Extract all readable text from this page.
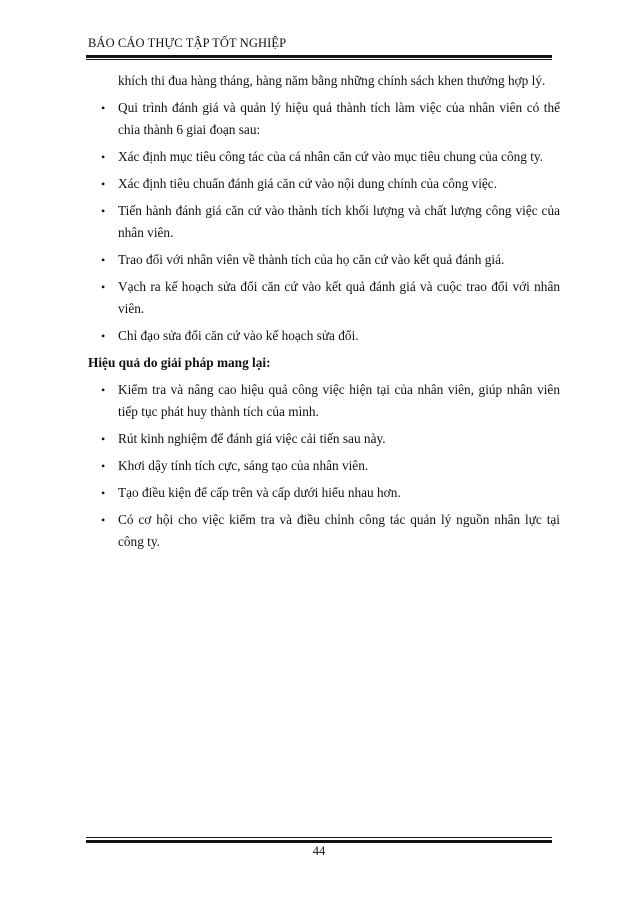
BÁO CÁO THỰC TẬP TỐT NGHIỆP
khích thi đua hàng tháng, hàng năm bằng những chính sách khen thưởng hợp lý.
• Qui trình đánh giá và quản lý hiệu quả thành tích làm việc của nhân viên có thể chia thành 6 giai đoạn sau:
• Xác định mục tiêu công tác của cá nhân căn cứ vào mục tiêu chung của công ty.
• Xác định tiêu chuẩn đánh giá căn cứ vào nội dung chính của công việc.
• Tiến hành đánh giá căn cứ vào thành tích khối lượng và chất lượng công việc của nhân viên.
• Trao đổi với nhân viên về thành tích của họ căn cứ vào kết quả đánh giá.
• Vạch ra kế hoạch sửa đổi căn cứ vào kết quả đánh giá và cuộc trao đổi với nhân viên.
• Chỉ đạo sửa đổi căn cứ vào kế hoạch sửa đổi.
Hiệu quả do giải pháp mang lại:
• Kiểm tra và nâng cao hiệu quả công việc hiện tại của nhân viên, giúp nhân viên tiếp tục phát huy thành tích của mình.
• Rút kinh nghiệm để đánh giá việc cải tiến sau này.
• Khơi dậy tính tích cực, sáng tạo của nhân viên.
• Tạo điều kiện để cấp trên và cấp dưới hiểu nhau hơn.
• Có cơ hội cho việc kiểm tra và điều chỉnh công tác quản lý nguồn nhân lực tại công ty.
44
